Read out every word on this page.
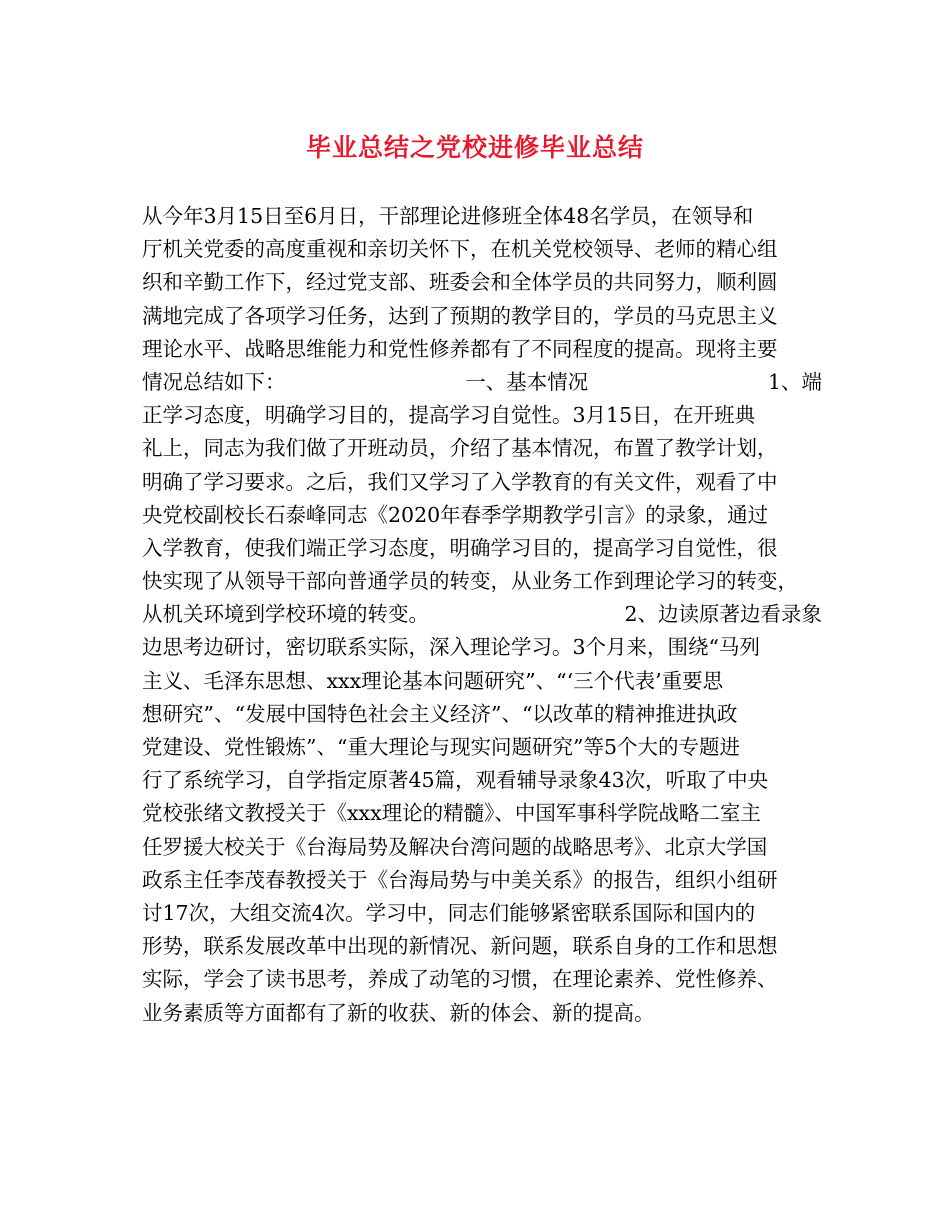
毕业总结之党校进修毕业总结
从今年3月15日至6月日，干部理论进修班全体48名学员，在领导和
厅机关党委的高度重视和亲切关怀下，在机关党校领导、老师的精心组
织和辛勤工作下，经过党支部、班委会和全体学员的共同努力，顺利圆
满地完成了各项学习任务，达到了预期的教学目的，学员的马克思主义
理论水平、战略思维能力和党性修养都有了不同程度的提高。现将主要
情况总结如下：	一、基本情况	1、端
正学习态度，明确学习目的，提高学习自觉性。3月15日，在开班典
礼上，同志为我们做了开班动员，介绍了基本情况，布置了教学计划，
明确了学习要求。之后，我们又学习了入学教育的有关文件，观看了中
央党校副校长石泰峰同志《2020年春季学期教学引言》的录象，通过
入学教育，使我们端正学习态度，明确学习目的，提高学习自觉性，很
快实现了从领导干部向普通学员的转变，从业务工作到理论学习的转变，
从机关环境到学校环境的转变。	2、边读原著边看录象
边思考边研讨，密切联系实际，深入理论学习。3个月来，围绕“马列
主义、毛泽东思想、xxx理论基本问题研究”、“‘三个代表’重要思
想研究”、“发展中国特色社会主义经济”、“以改革的精神推进执政
党建设、党性锻炼”、“重大理论与现实问题研究”等5个大的专题进
行了系统学习，自学指定原著45篇，观看辅导录象43次，听取了中央
党校张绪文教授关于《xxx理论的精髓》、中国军事科学院战略二室主
任罗援大校关于《台海局势及解决台湾问题的战略思考》、北京大学国
政系主任李茂春教授关于《台海局势与中美关系》的报告，组织小组研
讨17次，大组交流4次。学习中，同志们能够紧密联系国际和国内的
形势，联系发展改革中出现的新情况、新问题，联系自身的工作和思想
实际，学会了读书思考，养成了动笔的习惯，在理论素养、党性修养、
业务素质等方面都有了新的收获、新的体会、新的提高。
